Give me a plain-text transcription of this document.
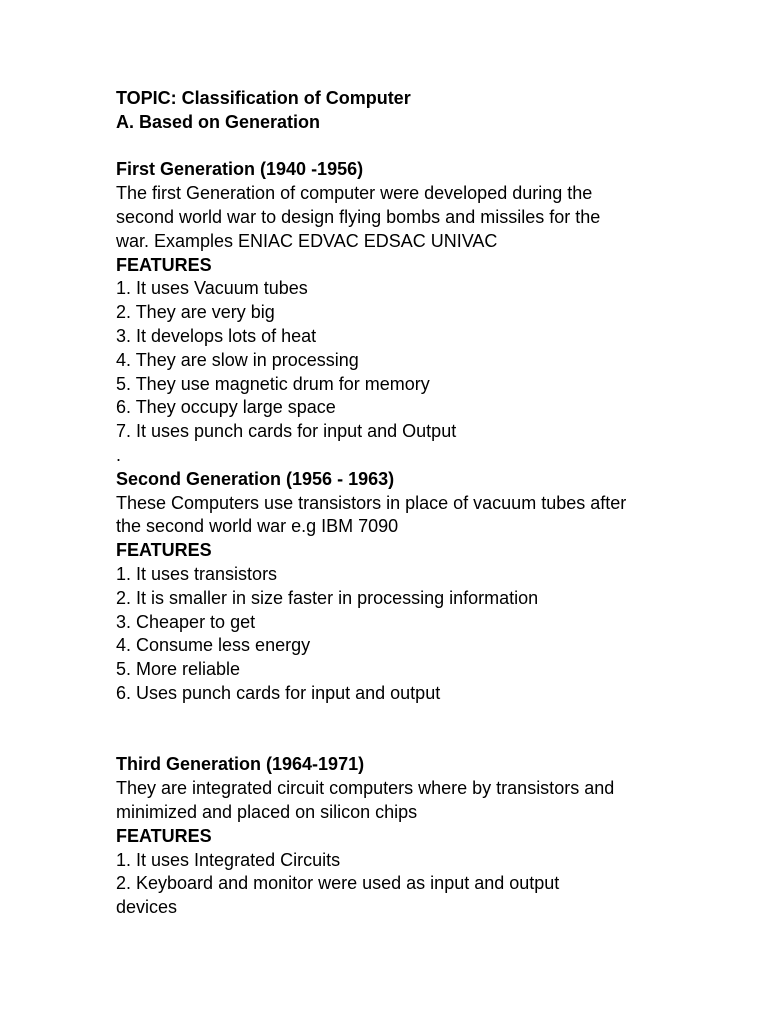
TOPIC: Classification of Computer
A. Based on Generation
First Generation (1940 -1956)
The first Generation of computer were developed during the
second world war to design flying bombs and missiles for the
war. Examples ENIAC EDVAC EDSAC UNIVAC
FEATURES
1. It uses Vacuum tubes
2. They are very big
3. It develops lots of heat
4. They are slow in processing
5. They use magnetic drum for memory
6. They occupy large space
7. It uses punch cards for input and Output
.
Second Generation (1956 - 1963)
These Computers use transistors in place of vacuum tubes after
the second world war e.g IBM 7090
FEATURES
1. It uses transistors
2. It is smaller in size faster in processing information
3. Cheaper to get
4. Consume less energy
5. More reliable
6. Uses punch cards for input and output
Third Generation (1964-1971)
They are integrated circuit computers where by transistors and
minimized and placed on silicon chips
FEATURES
1. It uses Integrated Circuits
2. Keyboard and monitor were used as input and output
devices
